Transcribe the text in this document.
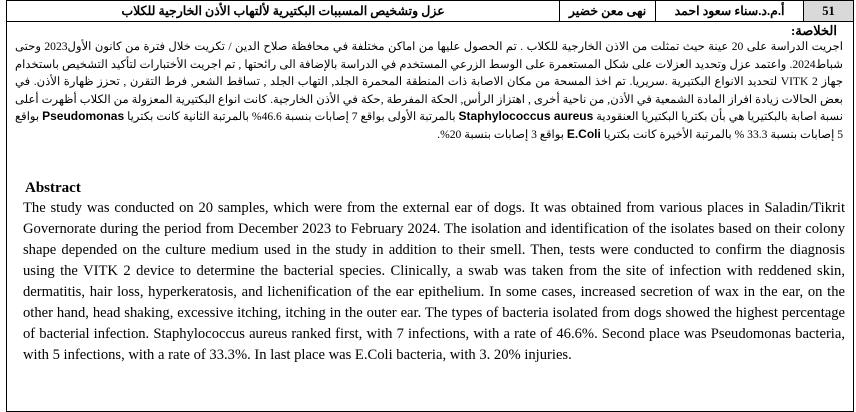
51
أ.م.د.سناء سعود احمد
نهى معن خضير
عزل وتشخيص المسببات البكتيرية لألتهاب الأذن الخارجية للكلاب
الخلاصة:
اجريت الدراسة على 20 عينة حيث تمثلت من الاذن الخارجية للكلاب . تم الحصول عليها من اماكن مختلفة في محافظة صلاح الدين / تكريت خلال فترة من كانون الأول2023 وحتى شباط2024. واعتمد عزل وتحديد العزلات على شكل المستعمرة على الوسط الزرعي المستخدم في الدراسة بالإضافة الى رائحتها , تم اجريت الأختبارات لتأكيد التشخيص باستخدام جهاز VITK 2 لتحديد الانواع البكتيرية .سريريا. تم اخذ المسحة من مكان الاصابة ذات المنطقة المحمرة الجلد, التهاب الجلد , تساقط الشعر, فرط التقرن , تحزز ظهارة الأذن. في بعض الحالات زيادة افراز المادة الشمعية في الأذن, من ناحية أخرى , اهتزاز الرأس, الحكة المفرطة ,حكة في الأذن الخارجية. كانت انواع البكتيرية المعزولة من الكلاب أظهرت أعلى نسبة اصابة بالبكتيريا هي بأن بكتريا البكتيريا العنقودية Staphylococcus aureus بالمرتبة الأولى بواقع 7 إصابات بنسبة 46.6% بالمرتبة الثانية كانت بكتريا Pseudomonas بواقع 5 إصابات بنسبة 33.3 % بالمرتبة الأخيرة كانت بكتريا E.Coli بواقع 3 إصابات بنسبة 20%.
Abstract
The study was conducted on 20 samples, which were from the external ear of dogs. It was obtained from various places in Saladin/Tikrit Governorate during the period from December 2023 to February 2024. The isolation and identification of the isolates based on their colony shape depended on the culture medium used in the study in addition to their smell. Then, tests were conducted to confirm the diagnosis using the VITK 2 device to determine the bacterial species. Clinically, a swab was taken from the site of infection with reddened skin, dermatitis, hair loss, hyperkeratosis, and lichenification of the ear epithelium. In some cases, increased secretion of wax in the ear, on the other hand, head shaking, excessive itching, itching in the outer ear. The types of bacteria isolated from dogs showed the highest percentage of bacterial infection. Staphylococcus aureus ranked first, with 7 infections, with a rate of 46.6%. Second place was Pseudomonas bacteria, with 5 infections, with a rate of 33.3%. In last place was E.Coli bacteria, with 3. 20% injuries.
